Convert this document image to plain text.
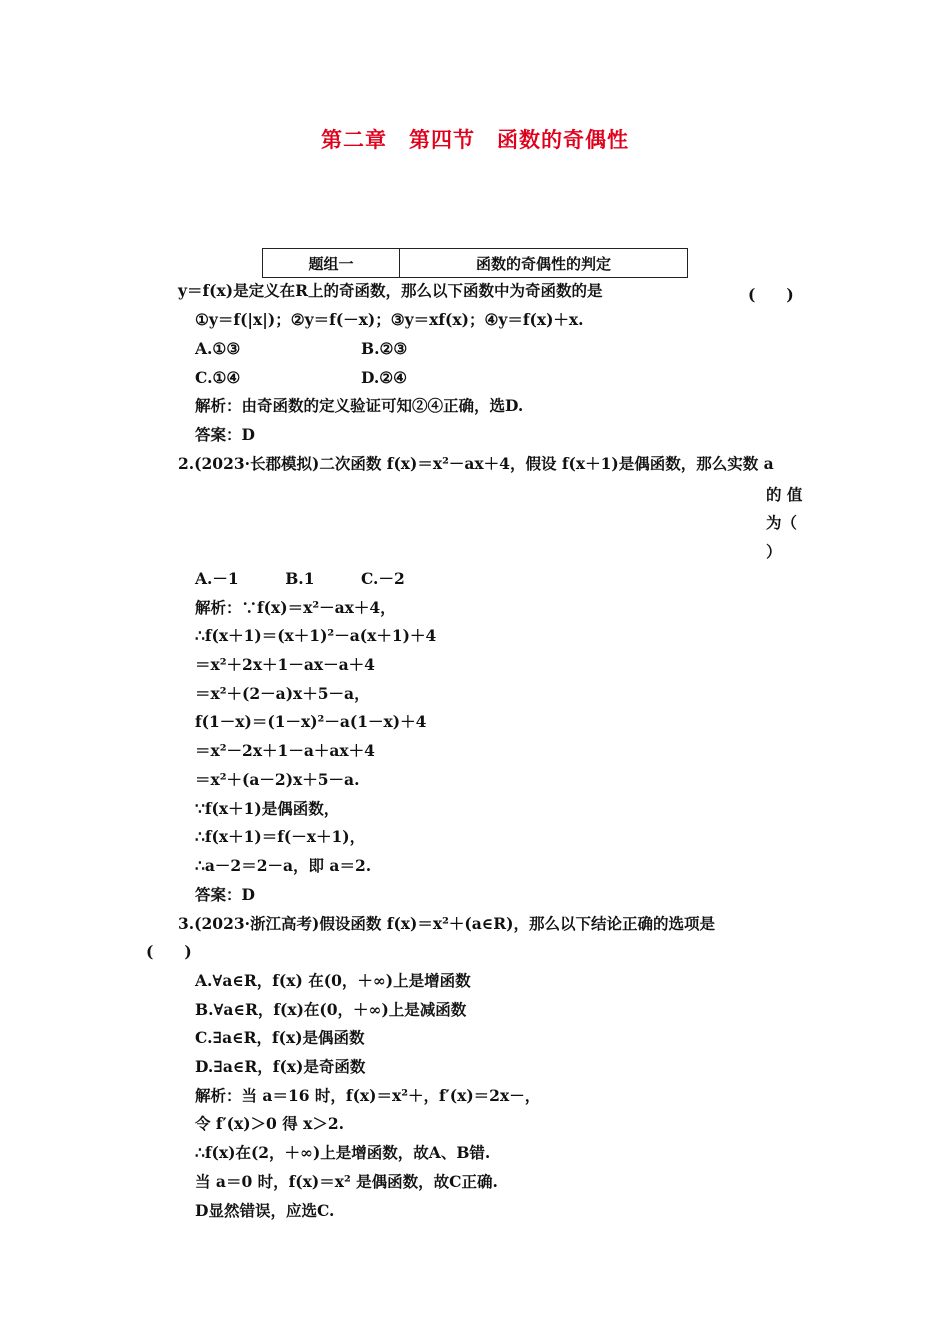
第二章　第四节　函数的奇偶性
题组一	函数的奇偶性的判定
y＝f(x)是定义在R上的奇函数，那么以下函数中为奇函数的是	(　　)
①y＝f(|x|)；②y＝f(－x)；③y＝xf(x)；④y＝f(x)＋x.
A.①③	B.②③
C.①④	D.②④
解析：由奇函数的定义验证可知②④正确，选D.
答案：D
2.(2023·长郡模拟)二次函数 f(x)＝x²－ax＋4，假设 f(x＋1)是偶函数，那么实数 a
的 值
为（
）
A.－1　　　B.1　　　C.－2
解析：∵f(x)＝x²－ax＋4，
∴f(x＋1)＝(x＋1)²－a(x＋1)＋4
＝x²＋2x＋1－ax－a＋4
＝x²＋(2－a)x＋5－a，
f(1－x)＝(1－x)²－a(1－x)＋4
＝x²－2x＋1－a＋ax＋4
＝x²＋(a－2)x＋5－a.
∵f(x＋1)是偶函数，
∴f(x＋1)＝f(－x＋1)，
∴a－2＝2－a，即 a＝2.
答案：D
3.(2023·浙江高考)假设函数 f(x)＝x²＋(a∈R)，那么以下结论正确的选项是
(　　)
A.∀a∈R，f(x) 在(0，＋∞)上是增函数
B.∀a∈R，f(x)在(0，＋∞)上是减函数
C.∃a∈R，f(x)是偶函数
D.∃a∈R，f(x)是奇函数
解析：当 a＝16 时，f(x)＝x²＋，f′(x)＝2x－，
令 f′(x)＞0 得 x＞2.
∴f(x)在(2，＋∞)上是增函数，故A、B错.
当 a＝0 时，f(x)＝x² 是偶函数，故C正确.
D显然错误，应选C.
